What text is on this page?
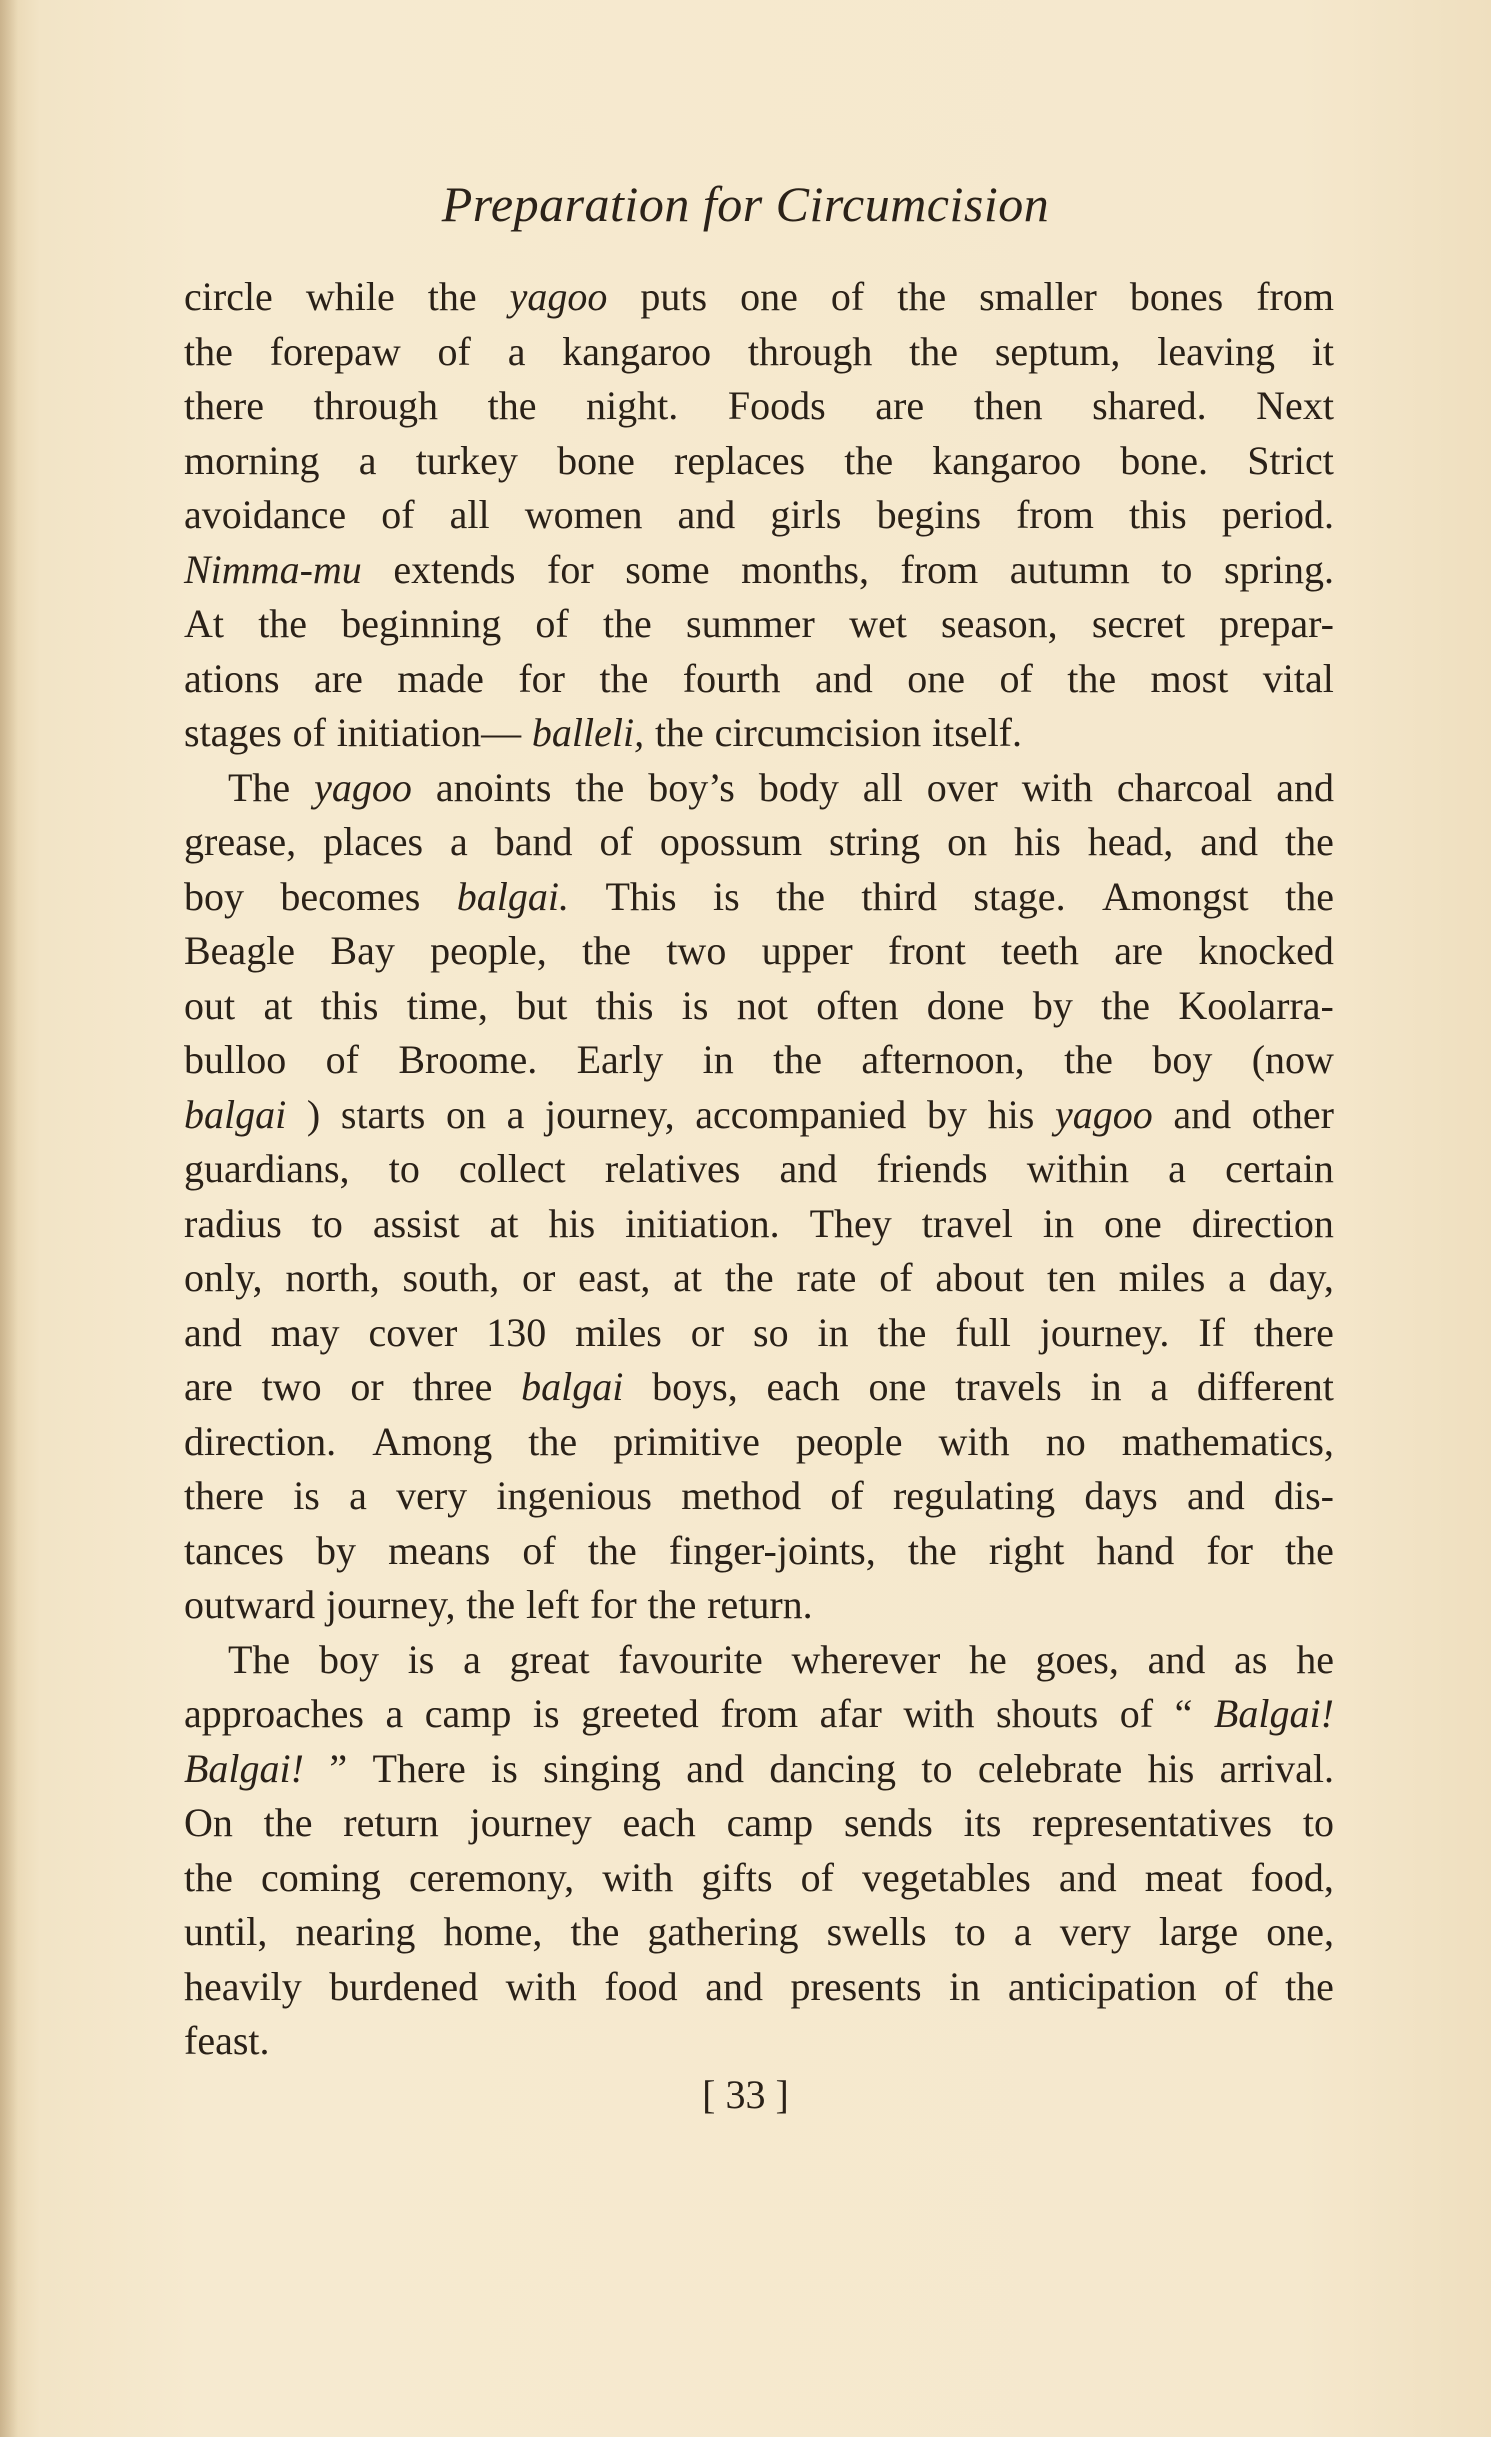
Preparation for Circumcision
circle while the yagoo puts one of the smaller bones from
the forepaw of a kangaroo through the septum, leaving it
there through the night. Foods are then shared. Next
morning a turkey bone replaces the kangaroo bone. Strict
avoidance of all women and girls begins from this period.
Nimma-mu extends for some months, from autumn to spring.
At the beginning of the summer wet season, secret prepar-
ations are made for the fourth and one of the most vital
stages of initiation— balleli, the circumcision itself.
The yagoo anoints the boy’s body all over with charcoal and
grease, places a band of opossum string on his head, and the
boy becomes balgai. This is the third stage. Amongst the
Beagle Bay people, the two upper front teeth are knocked
out at this time, but this is not often done by the Koolarra-
bulloo of Broome. Early in the afternoon, the boy (now
balgai ) starts on a journey, accompanied by his yagoo and other
guardians, to collect relatives and friends within a certain
radius to assist at his initiation. They travel in one direction
only, north, south, or east, at the rate of about ten miles a day,
and may cover 130 miles or so in the full journey. If there
are two or three balgai boys, each one travels in a different
direction. Among the primitive people with no mathematics,
there is a very ingenious method of regulating days and dis-
tances by means of the finger-joints, the right hand for the
outward journey, the left for the return.
The boy is a great favourite wherever he goes, and as he
approaches a camp is greeted from afar with shouts of “ Balgai!
Balgai! ” There is singing and dancing to celebrate his arrival.
On the return journey each camp sends its representatives to
the coming ceremony, with gifts of vegetables and meat food,
until, nearing home, the gathering swells to a very large one,
heavily burdened with food and presents in anticipation of the
feast.
[ 33 ]
